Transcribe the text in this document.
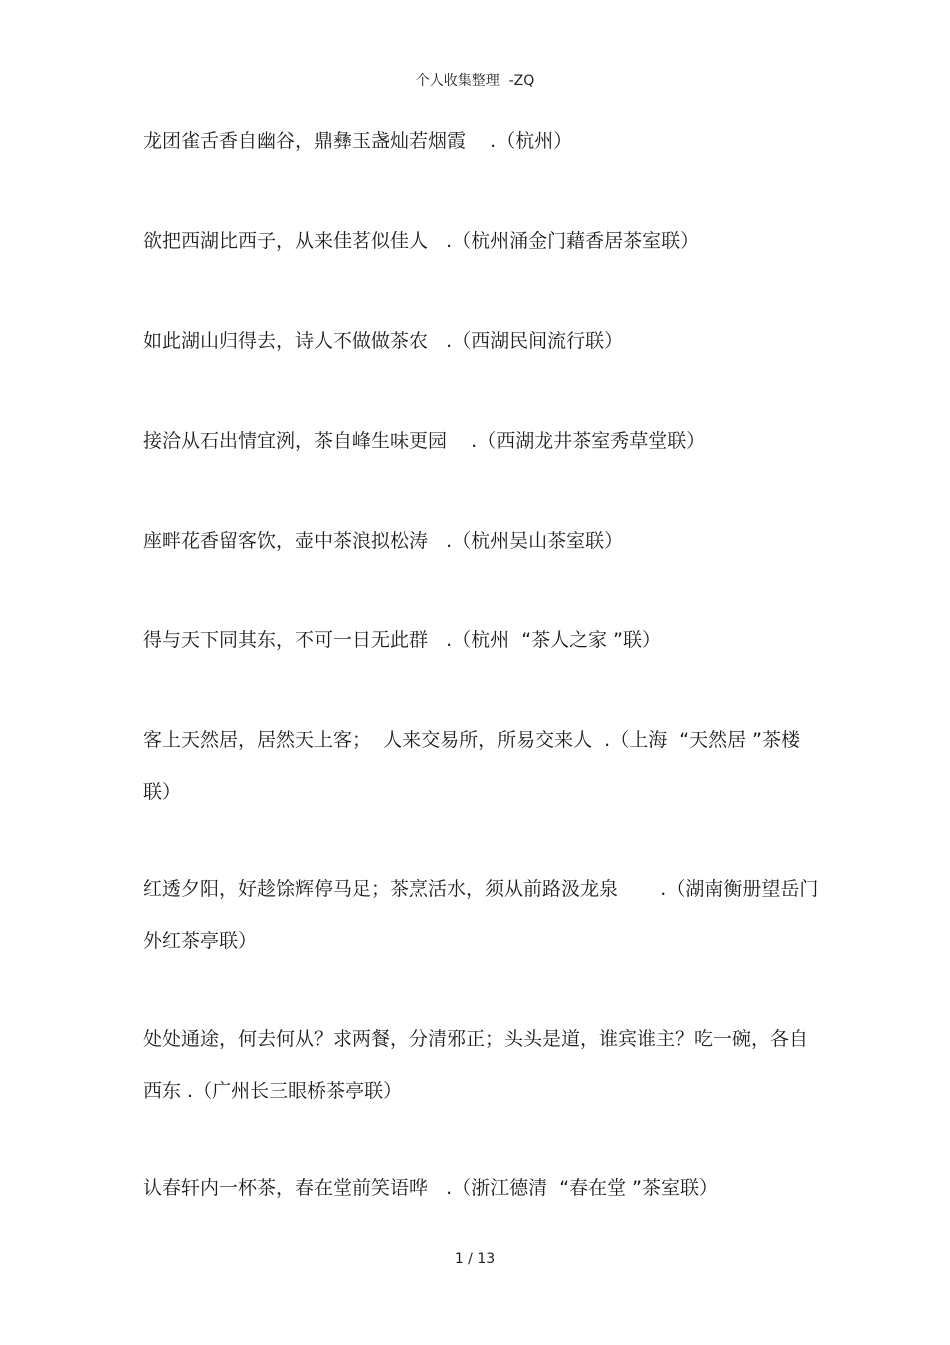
个人收集整理  -ZQ

龙团雀舌香自幽谷，鼎彝玉盏灿若烟霞    .（杭州）

欲把西湖比西子，从来佳茗似佳人   .（杭州涌金门藉香居茶室联）

如此湖山归得去，诗人不做做茶农   .（西湖民间流行联）

接洽从石出情宜洌，茶自峰生味更园    .（西湖龙井茶室秀草堂联）

座畔花香留客饮，壶中茶浪拟松涛   .（杭州吴山茶室联）

得与天下同其东，不可一日无此群   .（杭州  “茶人之家 ”联）

客上天然居，居然天上客；  人来交易所，所易交来人  .（上海  “天然居 ”茶楼联）

红透夕阳，好趁馀辉停马足；茶烹活水，须从前路汲龙泉       .（湖南衡册望岳门外红茶亭联）

处处通途，何去何从？求两餐，分清邪正；头头是道，谁宾谁主？吃一碗，各自西东 .（广州长三眼桥茶亭联）

认春轩内一杯茶，春在堂前笑语哗   .（浙江德清  “春在堂 ”茶室联）

1 / 13
